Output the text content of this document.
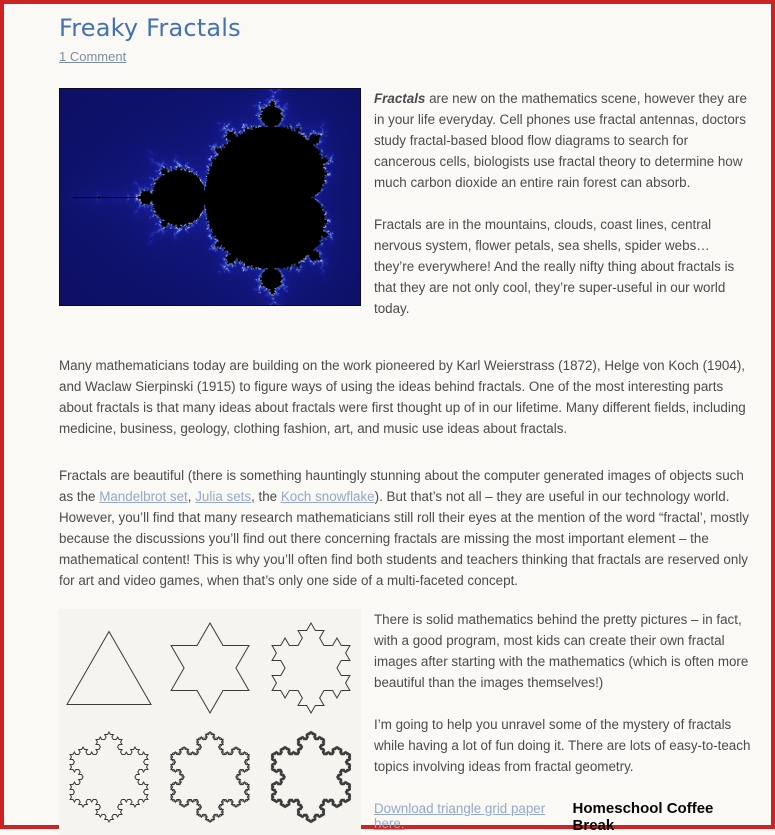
Freaky Fractals
1 Comment

Fractals are new on the mathematics scene, however they are in your life everyday. Cell phones use fractal antennas, doctors study fractal-based blood flow diagrams to search for cancerous cells, biologists use fractal theory to determine how much carbon dioxide an entire rain forest can absorb.

Fractals are in the mountains, clouds, coast lines, central nervous system, flower petals, sea shells, spider webs… they’re everywhere! And the really nifty thing about fractals is that they are not only cool, they’re super-useful in our world today.

Many mathematicians today are building on the work pioneered by Karl Weierstrass (1872), Helge von Koch (1904), and Waclaw Sierpinski (1915) to figure ways of using the ideas behind fractals. One of the most interesting parts about fractals is that many ideas about fractals were first thought up of in our lifetime. Many different fields, including medicine, business, geology, clothing fashion, art, and music use ideas about fractals.

Fractals are beautiful (there is something hauntingly stunning about the computer generated images of objects such as the Mandelbrot set, Julia sets, the Koch snowflake). But that’s not all – they are useful in our technology world. However, you’ll find that many research mathematicians still roll their eyes at the mention of the word “fractal’, mostly because the discussions you’ll find out there concerning fractals are missing the most important element – the mathematical content! This is why you’ll often find both students and teachers thinking that fractals are reserved only for art and video games, when that’s only one side of a multi-faceted concept.

There is solid mathematics behind the pretty pictures – in fact, with a good program, most kids can create their own fractal images after starting with the mathematics (which is often more beautiful than the images themselves!)

I’m going to help you unravel some of the mystery of fractals while having a lot of fun doing it. There are lots of easy-to-teach topics involving ideas from fractal geometry.

Download triangle grid paper here.
Homeschool Coffee Break
